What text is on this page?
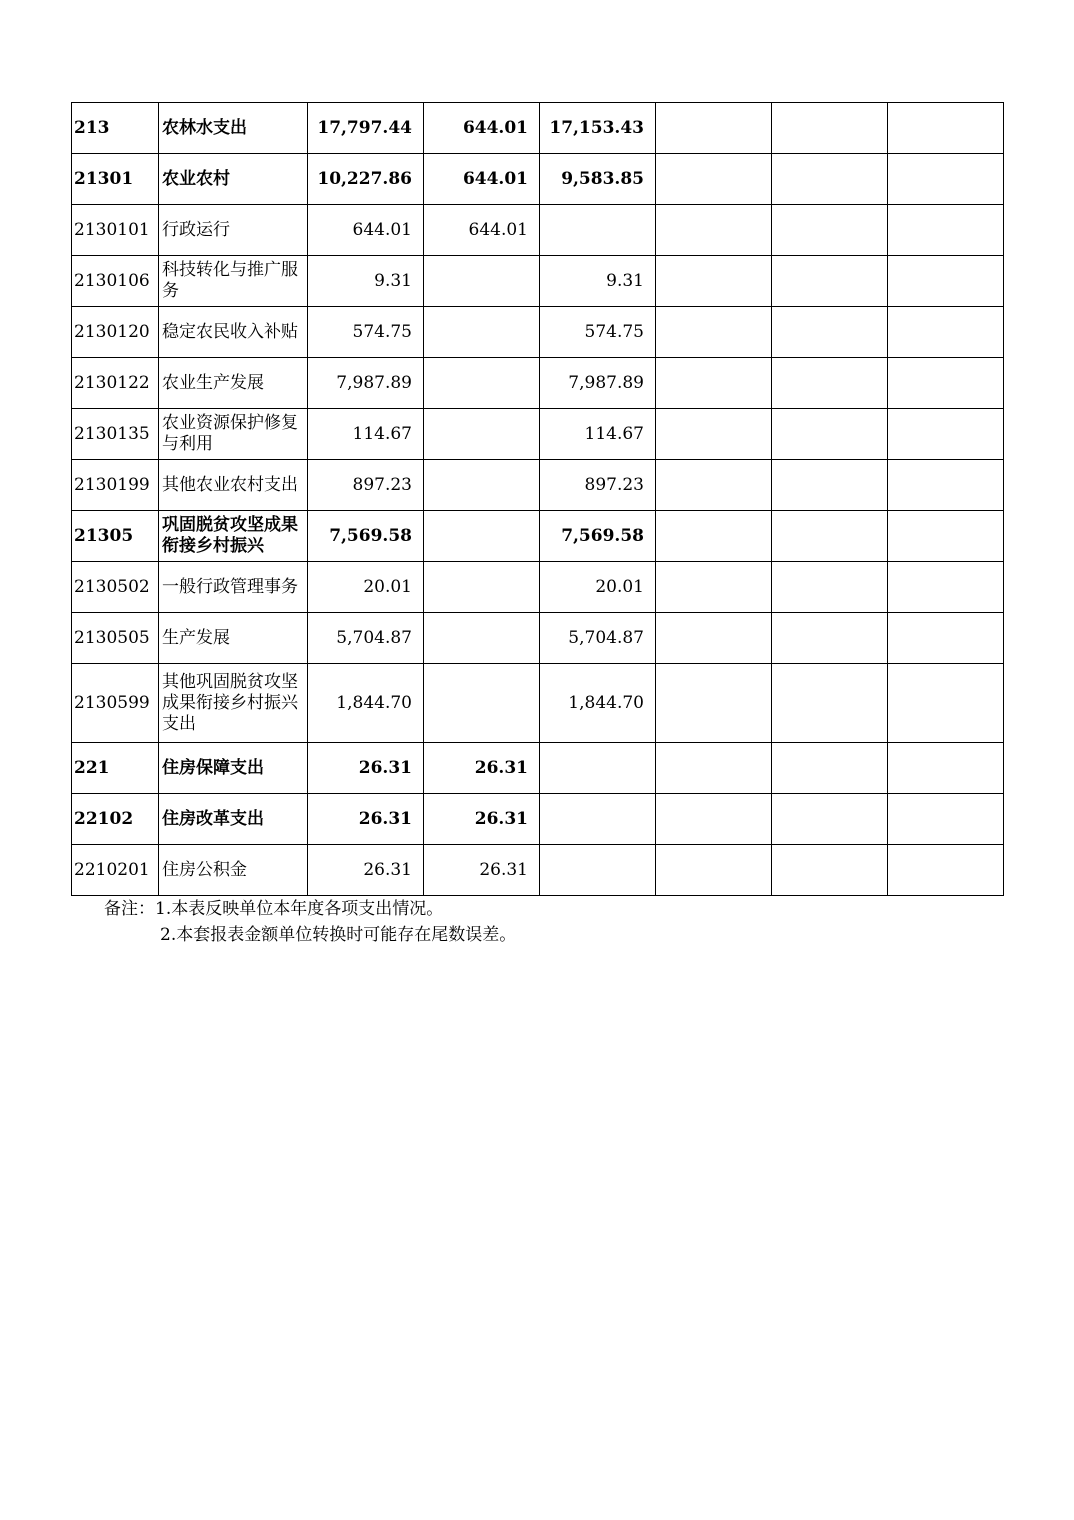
213	农林水支出	17,797.44	644.01	17,153.43			
21301	农业农村	10,227.86	644.01	9,583.85			
2130101	行政运行	644.01	644.01				
2130106	科技转化与推广服务	9.31		9.31			
2130120	稳定农民收入补贴	574.75		574.75			
2130122	农业生产发展	7,987.89		7,987.89			
2130135	农业资源保护修复与利用	114.67		114.67			
2130199	其他农业农村支出	897.23		897.23			
21305	巩固脱贫攻坚成果衔接乡村振兴	7,569.58		7,569.58			
2130502	一般行政管理事务	20.01		20.01			
2130505	生产发展	5,704.87		5,704.87			
2130599	其他巩固脱贫攻坚成果衔接乡村振兴支出	1,844.70		1,844.70			
221	住房保障支出	26.31	26.31				
22102	住房改革支出	26.31	26.31				
2210201	住房公积金	26.31	26.31				
备注：1.本表反映单位本年度各项支出情况。
2.本套报表金额单位转换时可能存在尾数误差。
